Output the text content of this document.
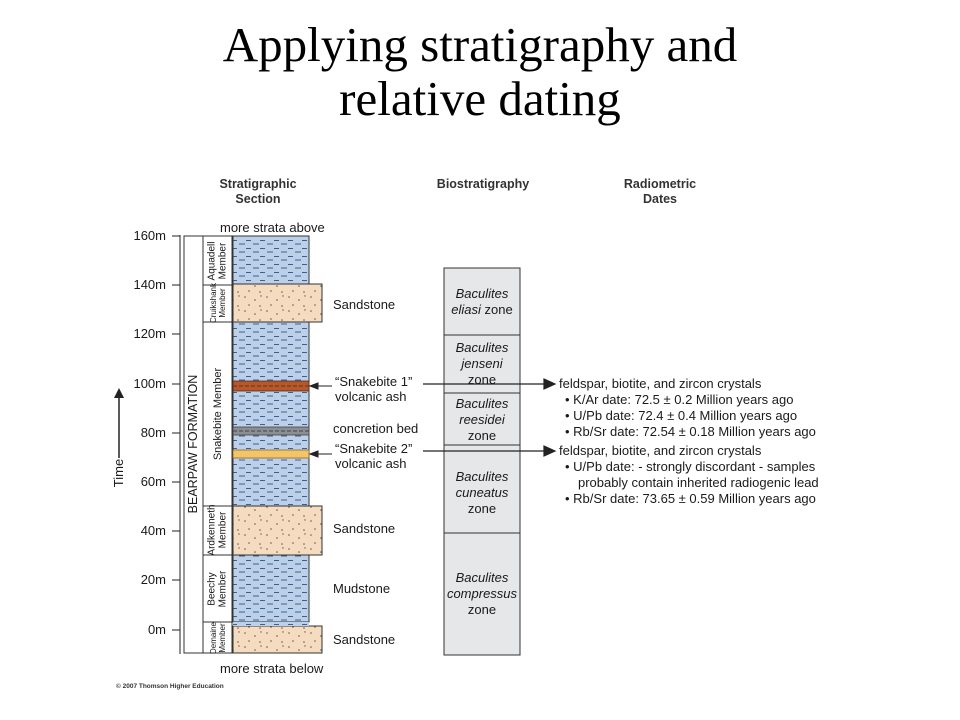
Applying stratigraphy and
relative dating
Stratigraphic
Section
Biostratigraphy	Radiometric
Dates
160m
140m
120m
100m
80m
60m
40m
20m
0m
Time	BEARPAW FORMATION
Aquadell Member
Cruikshank Member
Snakebite Member
Ardkenneth Member
Beechy Member
Demaine Member
more strata above
Sandstone
“Snakebite 1”
volcanic ash
concretion bed
“Snakebite 2”
volcanic ash
Sandstone
Mudstone
Sandstone
more strata below
Baculites
eliasi zone
Baculites
jenseni
zone
Baculites
reesidei
zone
Baculites
cuneatus
zone
Baculites
compressus
zone
feldspar, biotite, and zircon crystals
• K/Ar date: 72.5 ± 0.2 Million years ago
• U/Pb date: 72.4 ± 0.4 Million years ago
• Rb/Sr date: 72.54 ± 0.18 Million years ago
feldspar, biotite, and zircon crystals
• U/Pb date: - strongly discordant - samples
probably contain inherited radiogenic lead
• Rb/Sr date: 73.65 ± 0.59 Million years ago
© 2007 Thomson Higher Education
